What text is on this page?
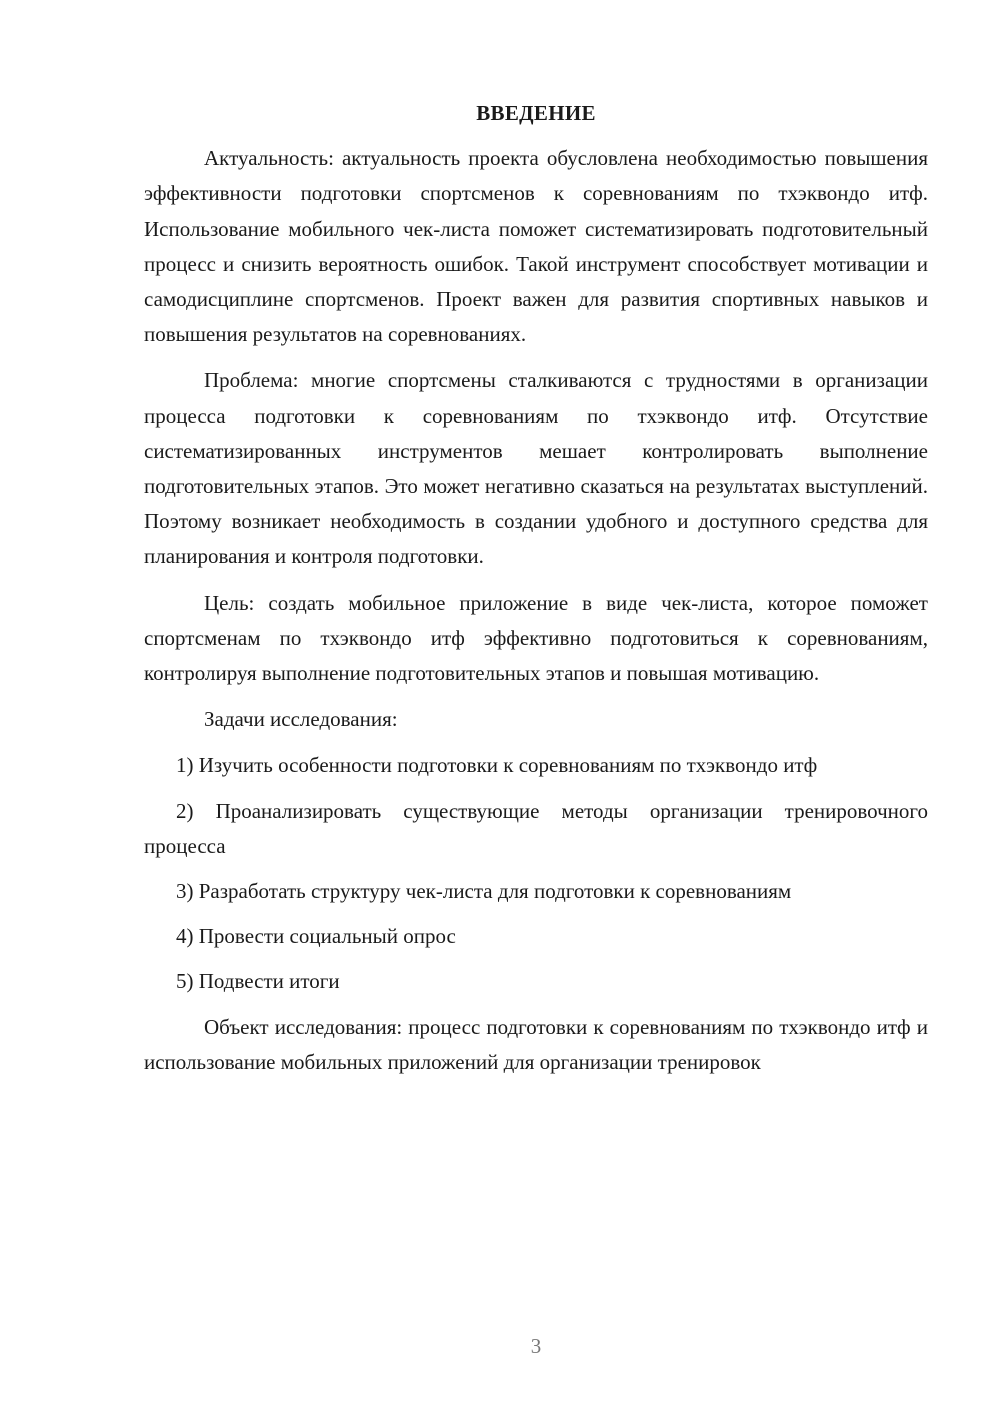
ВВЕДЕНИЕ

Актуальность: актуальность проекта обусловлена необходимостью повышения эффективности подготовки спортсменов к соревнованиям по тхэквондо итф. Использование мобильного чек-листа поможет систематизировать подготовительный процесс и снизить вероятность ошибок. Такой инструмент способствует мотивации и самодисциплине спортсменов. Проект важен для развития спортивных навыков и повышения результатов на соревнованиях.

Проблема: многие спортсмены сталкиваются с трудностями в организации процесса подготовки к соревнованиям по тхэквондо итф. Отсутствие систематизированных инструментов мешает контролировать выполнение подготовительных этапов. Это может негативно сказаться на результатах выступлений. Поэтому возникает необходимость в создании удобного и доступного средства для планирования и контроля подготовки.

Цель: создать мобильное приложение в виде чек-листа, которое поможет спортсменам по тхэквондо итф эффективно подготовиться к соревнованиям, контролируя выполнение подготовительных этапов и повышая мотивацию.

Задачи исследования:

1) Изучить особенности подготовки к соревнованиям по тхэквондо итф

2) Проанализировать существующие методы организации тренировочного процесса

3) Разработать структуру чек-листа для подготовки к соревнованиям

4) Провести социальный опрос

5) Подвести итоги

Объект исследования: процесс подготовки к соревнованиям по тхэквондо итф и использование мобильных приложений для организации тренировок

3
